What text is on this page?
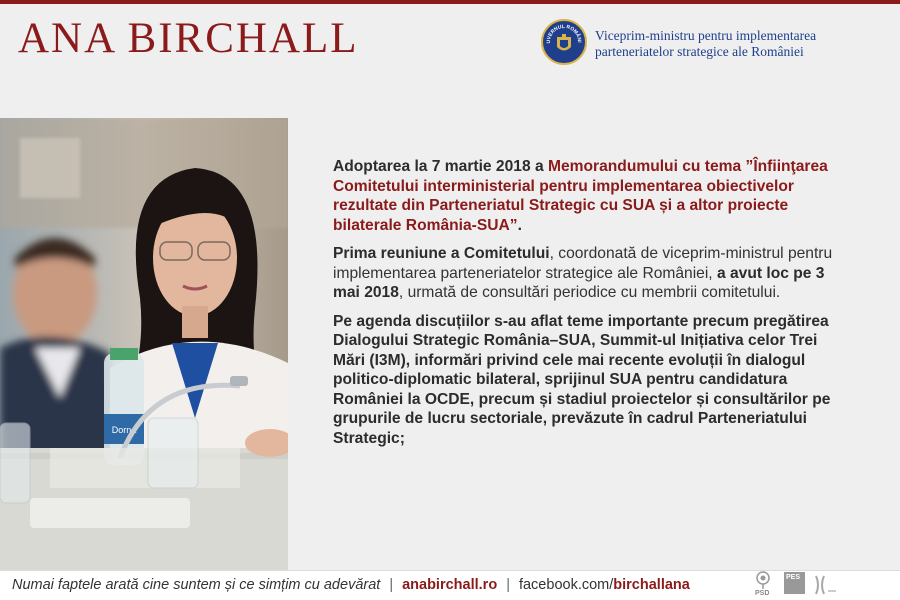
ANA BIRCHALL	UVERNUL ROMÂNI Viceprim-ministru pentru implementarea
parteneriatelor strategice ale României
Dorna

Adoptarea la 7 martie 2018 a Memorandumului cu tema ”Înfiinţarea Comitetului interministerial pentru implementarea obiectivelor rezultate din Parteneriatul Strategic cu SUA și a altor proiecte bilaterale România-SUA”.

Prima reuniune a Comitetului, coordonată de viceprim-ministrul pentru implementarea parteneriatelor strategice ale României, a avut loc pe 3 mai 2018, urmată de consultări periodice cu membrii comitetului.

Pe agenda discuțiilor s-au aflat teme importante precum pregătirea Dialogului Strategic România–SUA, Summit-ul Inițiativa celor Trei Mări (I3M), informări privind cele mai recente evoluții în dialogul politico-diplomatic bilateral, sprijinul SUA pentru candidatura României la OCDE, precum și stadiul proiectelor și consultărilor pe grupurile de lucru sectoriale, prevăzute în cadrul Parteneriatului Strategic;

Numai faptele arată cine suntem și ce simțim cu adevărat | anabirchall.ro | facebook.com/birchallana
PSD
PES
